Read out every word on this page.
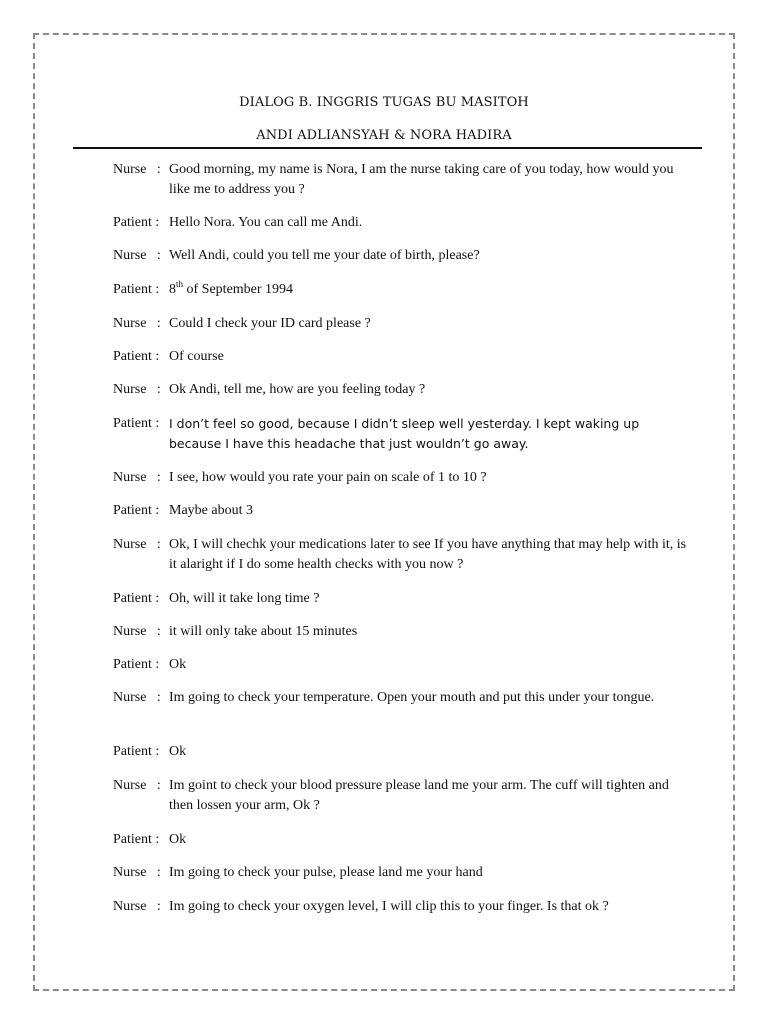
DIALOG B. INGGRIS TUGAS BU MASITOH
ANDI ADLIANSYAH & NORA HADIRA
Nurse   : Good morning, my name is Nora, I am the nurse taking care of you today, how would you like me to address you ?
Patient : Hello Nora. You can call me Andi.
Nurse   : Well Andi, could you tell me your date of birth, please?
Patient : 8th of September 1994
Nurse   : Could I check your ID card please ?
Patient : Of course
Nurse   : Ok Andi, tell me, how are you feeling today ?
Patient : I don’t feel so good, because I didn’t sleep well yesterday. I kept waking up because I have this headache that just wouldn’t go away.
Nurse   : I see, how would you rate your pain on scale of 1 to 10 ?
Patient : Maybe about 3
Nurse   : Ok, I will chechk your medications later to see If you have anything that may help with it, is it alaright if I do some health checks with you now ?
Patient : Oh, will it take long time ?
Nurse   : it will only take about 15 minutes
Patient : Ok
Nurse   : Im going to check your temperature. Open your mouth and put this under your tongue.
Patient : Ok
Nurse   : Im goint to check your blood pressure please land me your arm. The cuff will tighten and then lossen your arm, Ok ?
Patient : Ok
Nurse   : Im going to check your pulse, please land me your hand
Nurse   : Im going to check your oxygen level, I will clip this to your finger. Is that ok ?
